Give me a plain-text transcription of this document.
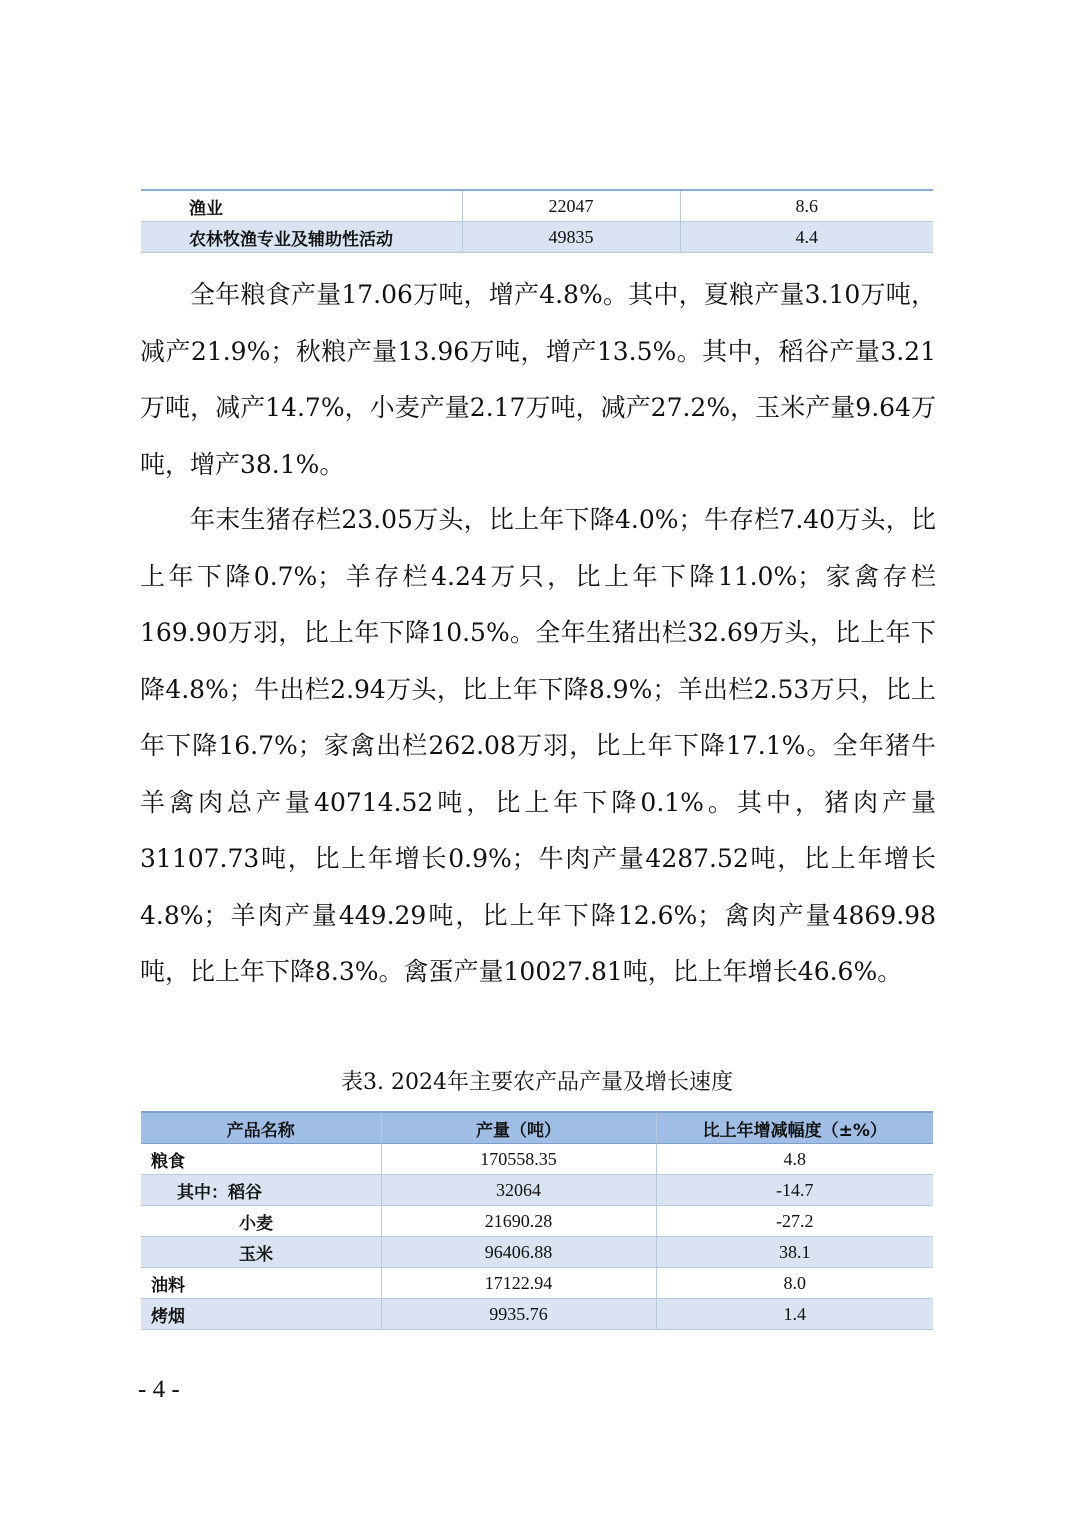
渔业	22047	8.6
农林牧渔专业及辅助性活动	49835	4.4

全年粮食产量17.06万吨，增产4.8%。其中，夏粮产量3.10万吨，减产21.9%；秋粮产量13.96万吨，增产13.5%。其中，稻谷产量3.21万吨，减产14.7%，小麦产量2.17万吨，减产27.2%，玉米产量9.64万吨，增产38.1%。

年末生猪存栏23.05万头，比上年下降4.0%；牛存栏7.40万头，比上年下降0.7%；羊存栏4.24万只，比上年下降11.0%；家禽存栏169.90万羽，比上年下降10.5%。全年生猪出栏32.69万头，比上年下降4.8%；牛出栏2.94万头，比上年下降8.9%；羊出栏2.53万只，比上年下降16.7%；家禽出栏262.08万羽，比上年下降17.1%。全年猪牛羊禽肉总产量40714.52吨，比上年下降0.1%。其中，猪肉产量31107.73吨，比上年增长0.9%；牛肉产量4287.52吨，比上年增长4.8%；羊肉产量449.29吨，比上年下降12.6%；禽肉产量4869.98吨，比上年下降8.3%。禽蛋产量10027.81吨，比上年增长46.6%。

表3. 2024年主要农产品产量及增长速度
产品名称	产量（吨）	比上年增减幅度（±%）
粮食	170558.35	4.8
其中：稻谷	32064	-14.7
小麦	21690.28	-27.2
玉米	96406.88	38.1
油料	17122.94	8.0
烤烟	9935.76	1.4
- 4 -
